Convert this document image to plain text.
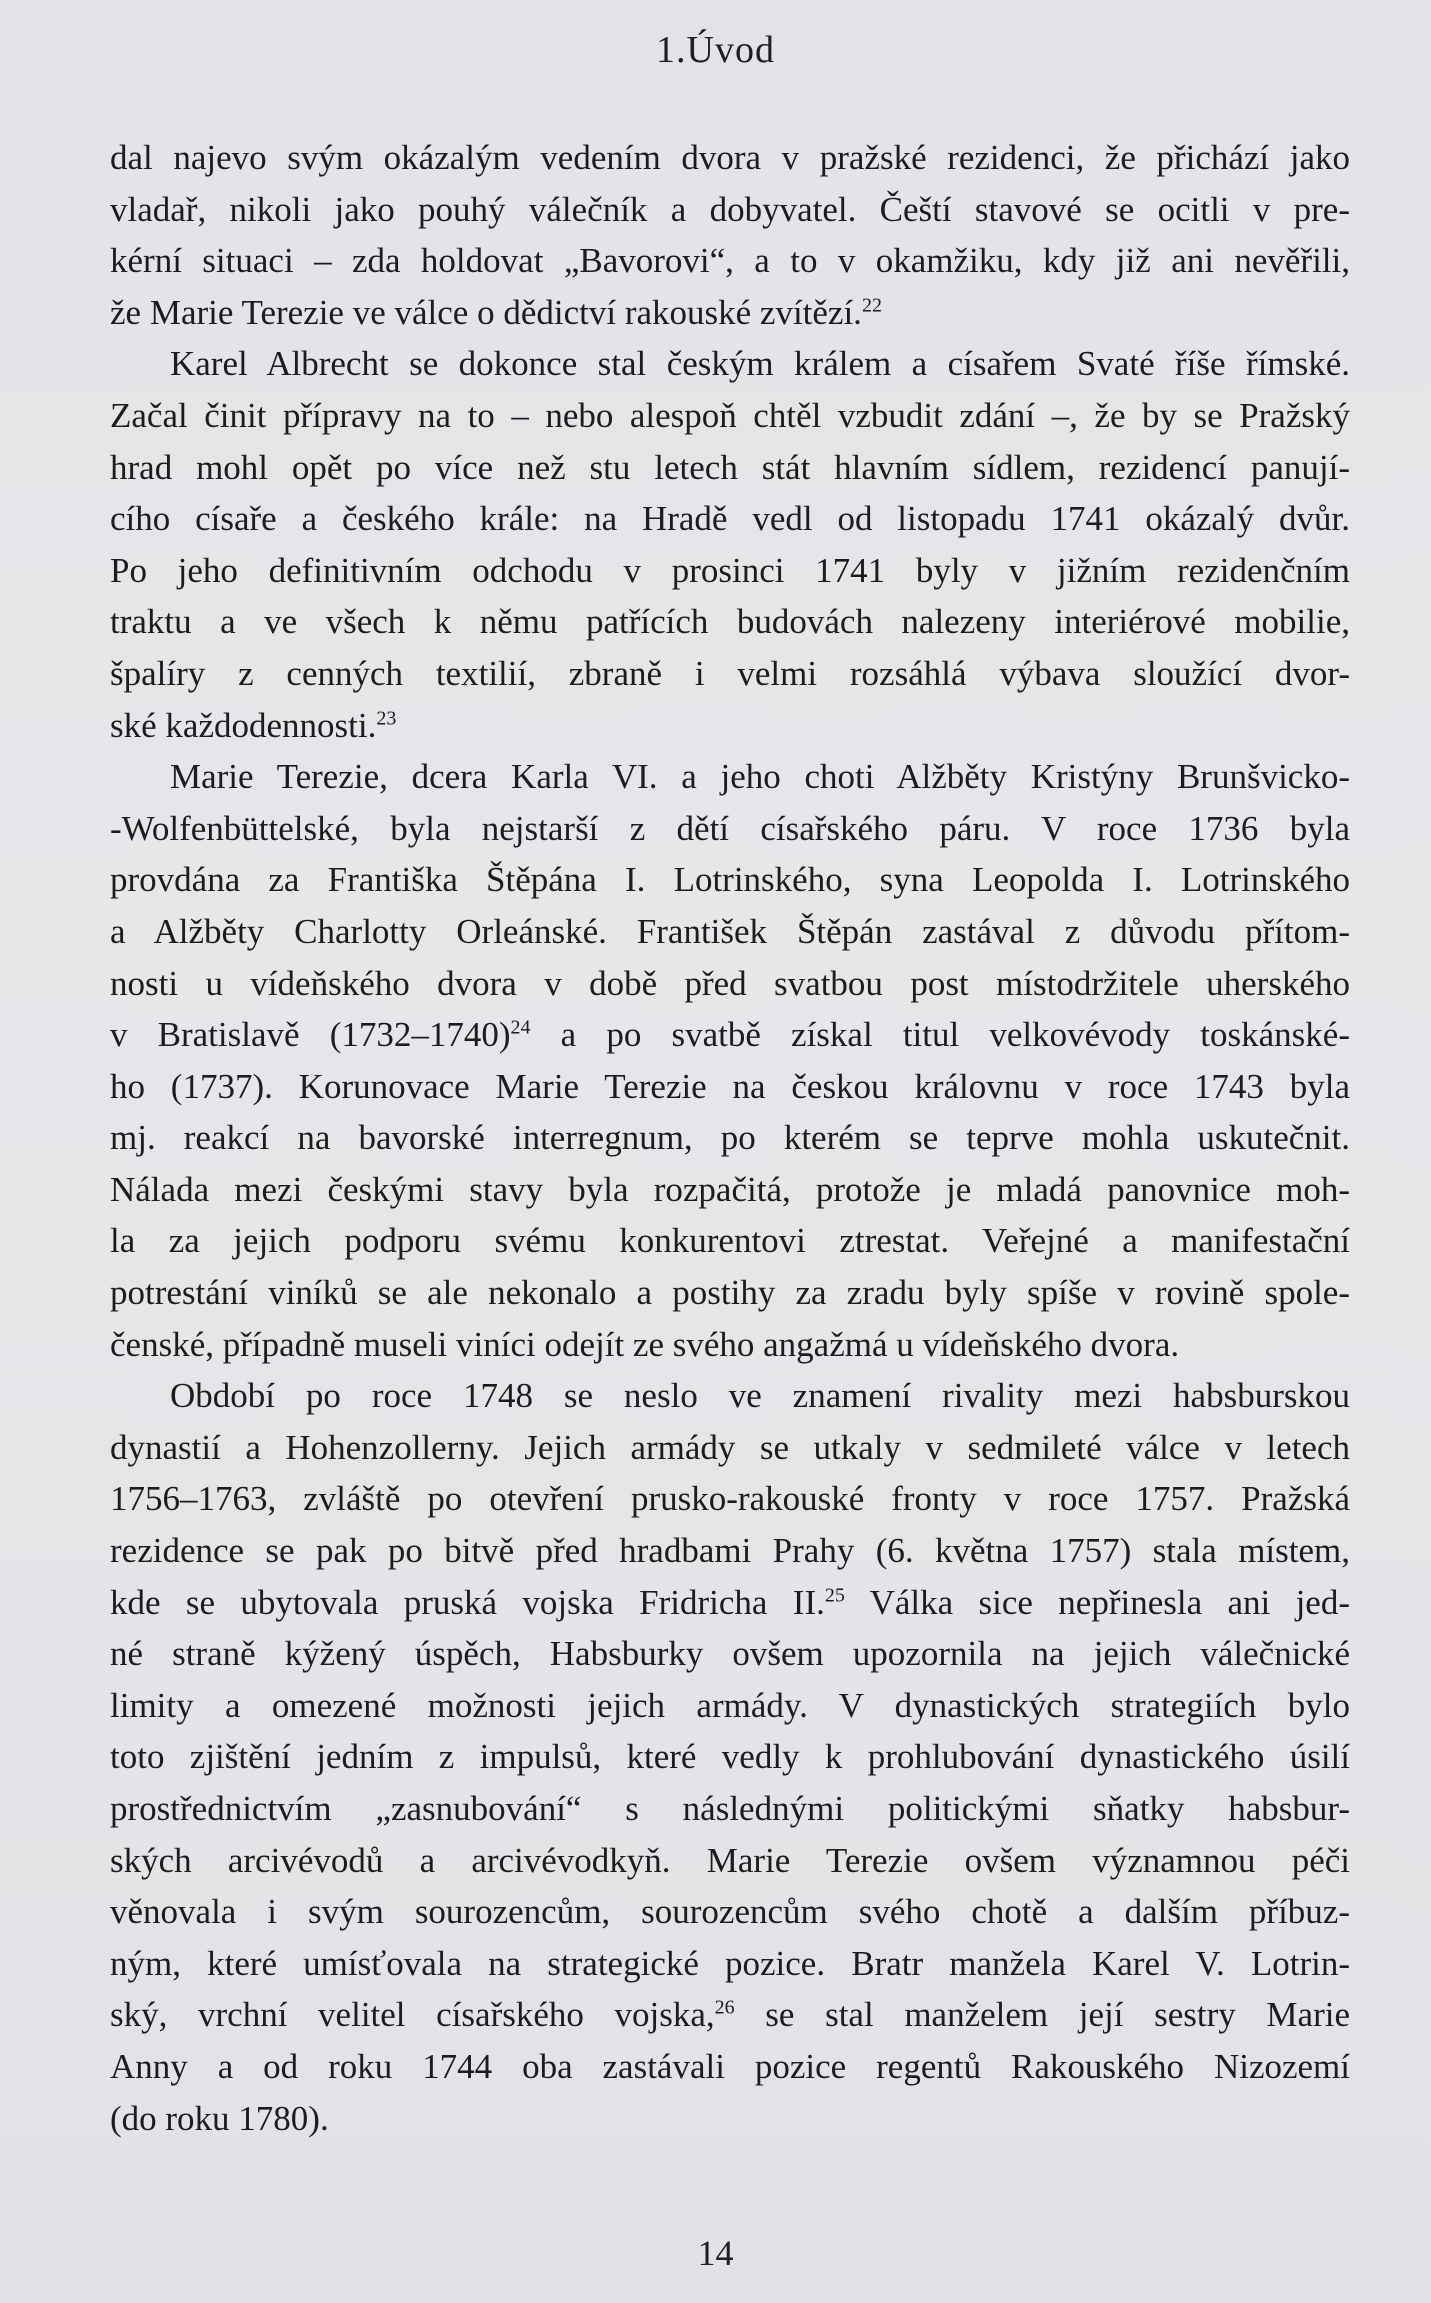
1.Úvod
dal najevo svým okázalým vedením dvora v pražské rezidenci, že přichází jako
vladař, nikoli jako pouhý válečník a dobyvatel. Čeští stavové se ocitli v pre-
kérní situaci – zda holdovat „Bavorovi“, a to v okamžiku, kdy již ani nevěřili,
že Marie Terezie ve válce o dědictví rakouské zvítězí.$^{22}$
Karel Albrecht se dokonce stal českým králem a císařem Svaté říše římské.
Začal činit přípravy na to – nebo alespoň chtěl vzbudit zdání –, že by se Pražský
hrad mohl opět po více než stu letech stát hlavním sídlem, rezidencí panují-
cího císaře a českého krále: na Hradě vedl od listopadu 1741 okázalý dvůr.
Po jeho definitivním odchodu v prosinci 1741 byly v jižním rezidenčním
traktu a ve všech k němu patřících budovách nalezeny interiérové mobilie,
špalíry z cenných textilií, zbraně i velmi rozsáhlá výbava sloužící dvor-
ské každodennosti.$^{23}$
Marie Terezie, dcera Karla VI. a jeho choti Alžběty Kristýny Brunšvicko-
-Wolfenbüttelské, byla nejstarší z dětí císařského páru. V roce 1736 byla
provdána za Františka Štěpána I. Lotrinského, syna Leopolda I. Lotrinského
a Alžběty Charlotty Orleánské. František Štěpán zastával z důvodu přítom-
nosti u vídeňského dvora v době před svatbou post místodržitele uherského
v Bratislavě (1732–1740)$^{24}$ a po svatbě získal titul velkovévody toskánské-
ho (1737). Korunovace Marie Terezie na českou královnu v roce 1743 byla
mj. reakcí na bavorské interregnum, po kterém se teprve mohla uskutečnit.
Nálada mezi českými stavy byla rozpačitá, protože je mladá panovnice moh-
la za jejich podporu svému konkurentovi ztrestat. Veřejné a manifestační
potrestání viníků se ale nekonalo a postihy za zradu byly spíše v rovině spole-
čenské, případně museli viníci odejít ze svého angažmá u vídeňského dvora.
Období po roce 1748 se neslo ve znamení rivality mezi habsburskou
dynastií a Hohenzollerny. Jejich armády se utkaly v sedmileté válce v letech
1756–1763, zvláště po otevření prusko-rakouské fronty v roce 1757. Pražská
rezidence se pak po bitvě před hradbami Prahy (6. května 1757) stala místem,
kde se ubytovala pruská vojska Fridricha II.$^{25}$ Válka sice nepřinesla ani jed-
né straně kýžený úspěch, Habsburky ovšem upozornila na jejich válečnické
limity a omezené možnosti jejich armády. V dynastických strategiích bylo
toto zjištění jedním z impulsů, které vedly k prohlubování dynastického úsilí
prostřednictvím „zasnubování“ s následnými politickými sňatky habsbur-
ských arcivévodů a arcivévodkyň. Marie Terezie ovšem významnou péči
věnovala i svým sourozencům, sourozencům svého chotě a dalším příbuz-
ným, které umísťovala na strategické pozice. Bratr manžela Karel V. Lotrin-
ský, vrchní velitel císařského vojska,$^{26}$ se stal manželem její sestry Marie
Anny a od roku 1744 oba zastávali pozice regentů Rakouského Nizozemí
(do roku 1780).
14
